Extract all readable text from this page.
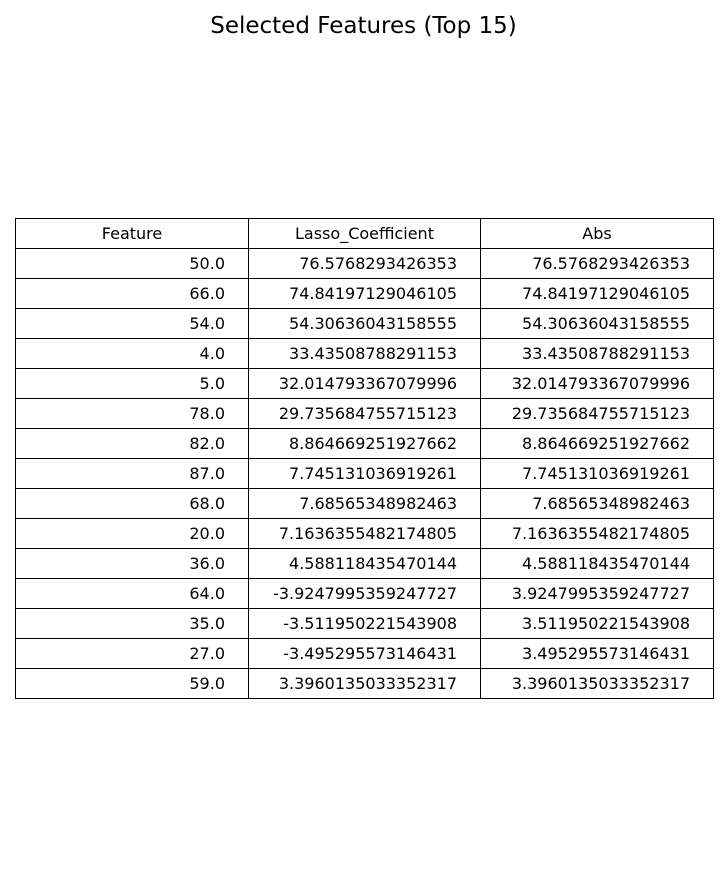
Selected Features (Top 15)
Feature	Lasso_Coefficient	Abs
50.0	76.5768293426353	76.5768293426353
66.0	74.84197129046105	74.84197129046105
54.0	54.30636043158555	54.30636043158555
4.0	33.43508788291153	33.43508788291153
5.0	32.014793367079996	32.014793367079996
78.0	29.735684755715123	29.735684755715123
82.0	8.864669251927662	8.864669251927662
87.0	7.745131036919261	7.745131036919261
68.0	7.68565348982463	7.68565348982463
20.0	7.1636355482174805	7.1636355482174805
36.0	4.588118435470144	4.588118435470144
64.0	-3.9247995359247727	3.9247995359247727
35.0	-3.511950221543908	3.511950221543908
27.0	-3.495295573146431	3.495295573146431
59.0	3.3960135033352317	3.3960135033352317
